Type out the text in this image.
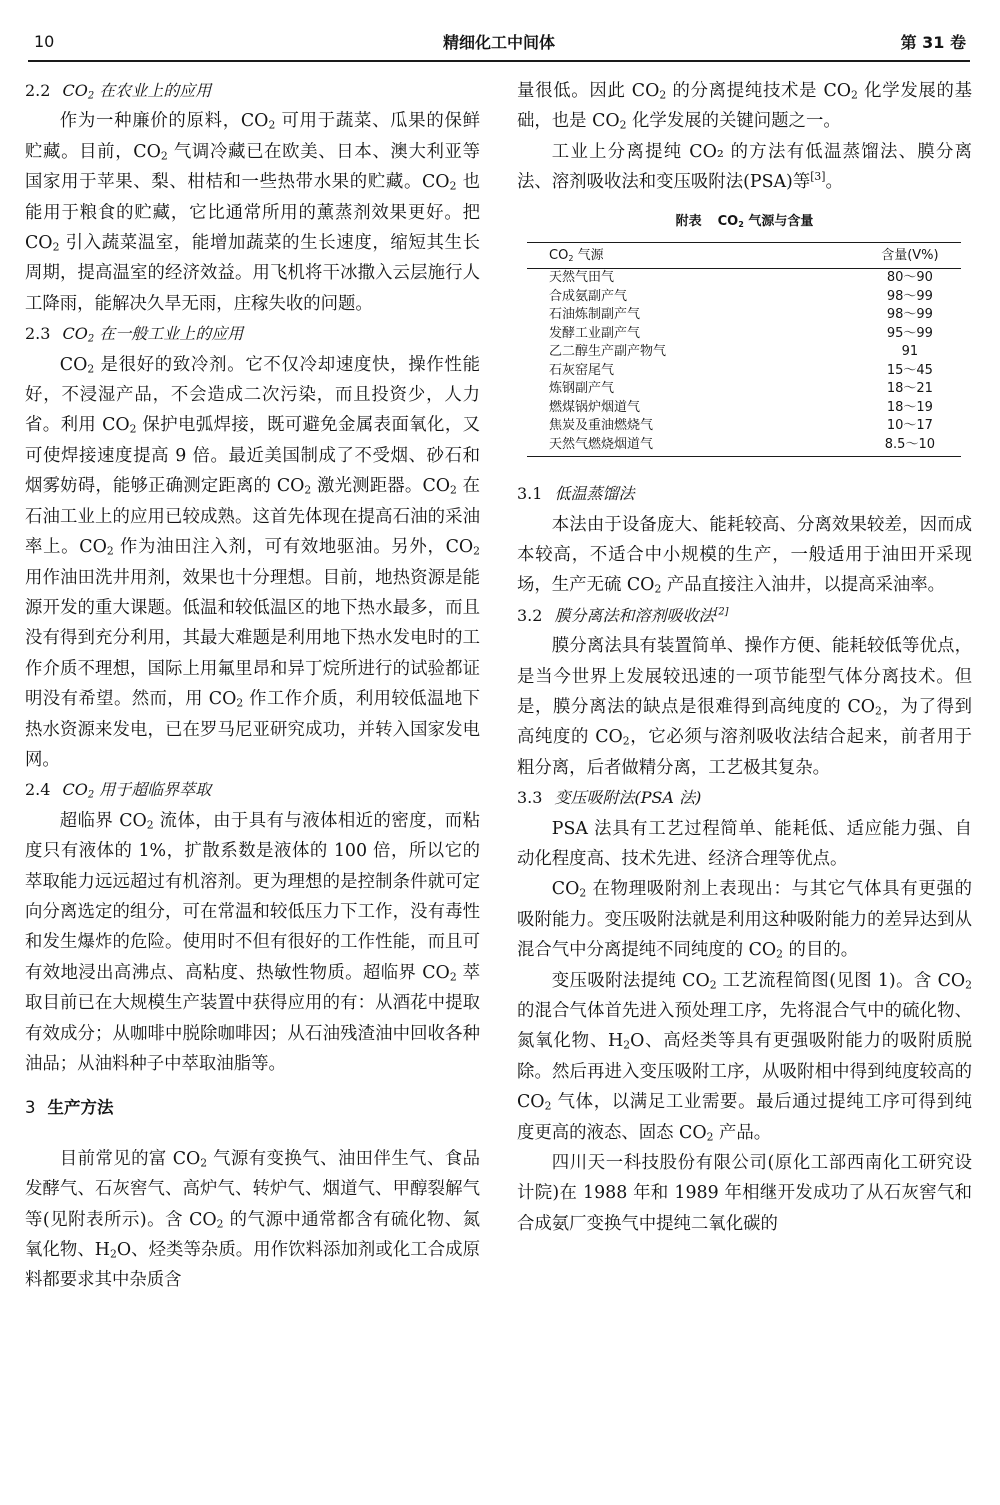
10	精细化工中间体	第 31 卷
2.2 $CO_2$ 在农业上的应用

作为一种廉价的原料，$CO_2$ 可用于蔬菜、瓜果的保鲜贮藏。目前，$CO_2$ 气调冷藏已在欧美、日本、澳大利亚等国家用于苹果、梨、柑桔和一些热带水果的贮藏。$CO_2$ 也能用于粮食的贮藏，它比通常所用的薰蒸剂效果更好。把 $CO_2$ 引入蔬菜温室，能增加蔬菜的生长速度，缩短其生长周期，提高温室的经济效益。用飞机将干冰撒入云层施行人工降雨，能解决久旱无雨，庄稼失收的问题。

2.3 $CO_2$ 在一般工业上的应用

$CO_2$ 是很好的致冷剂。它不仅冷却速度快，操作性能好，不浸湿产品，不会造成二次污染，而且投资少，人力省。利用 $CO_2$ 保护电弧焊接，既可避免金属表面氧化，又可使焊接速度提高 9 倍。最近美国制成了不受烟、砂石和烟雾妨碍，能够正确测定距离的 $CO_2$ 激光测距器。$CO_2$ 在石油工业上的应用已较成熟。这首先体现在提高石油的采油率上。$CO_2$ 作为油田注入剂，可有效地驱油。另外，$CO_2$ 用作油田洗井用剂，效果也十分理想。目前，地热资源是能源开发的重大课题。低温和较低温区的地下热水最多，而且没有得到充分利用，其最大难题是利用地下热水发电时的工作介质不理想，国际上用氟里昂和异丁烷所进行的试验都证明没有希望。然而，用 $CO_2$ 作工作介质，利用较低温地下热水资源来发电，已在罗马尼亚研究成功，并转入国家发电网。

2.4 $CO_2$ 用于超临界萃取

超临界 $CO_2$ 流体，由于具有与液体相近的密度，而粘度只有液体的 1%，扩散系数是液体的 100 倍，所以它的萃取能力远远超过有机溶剂。更为理想的是控制条件就可定向分离选定的组分，可在常温和较低压力下工作，没有毒性和发生爆炸的危险。使用时不但有很好的工作性能，而且可有效地浸出高沸点、高粘度、热敏性物质。超临界 $CO_2$ 萃取目前已在大规模生产装置中获得应用的有：从酒花中提取有效成分；从咖啡中脱除咖啡因；从石油残渣油中回收各种油品；从油料种子中萃取油脂等。

3 生产方法

目前常见的富 $CO_2$ 气源有变换气、油田伴生气、食品发酵气、石灰窖气、高炉气、转炉气、烟道气、甲醇裂解气等(见附表所示)。含 $CO_2$ 的气源中通常都含有硫化物、氮氧化物、$H_2O$、烃类等杂质。用作饮料添加剂或化工合成原料都要求其中杂质含

量很低。因此 $CO_2$ 的分离提纯技术是 $CO_2$ 化学发展的基础，也是 $CO_2$ 化学发展的关键问题之一。

工业上分离提纯 CO₂ 的方法有低温蒸馏法、膜分离法、溶剂吸收法和变压吸附法(PSA)等[3]。

附表 $CO_2$ 气源与含量
$CO_2$ 气源	含量(V%)
天然气田气	80～90
合成氨副产气	98～99
石油炼制副产气	98～99
发酵工业副产气	95～99
乙二醇生产副产物气	91
石灰窑尾气	15～45
炼钢副产气	18～21
燃煤锅炉烟道气	18～19
焦炭及重油燃烧气	10～17
天然气燃烧烟道气	8.5～10
3.1 低温蒸馏法

本法由于设备庞大、能耗较高、分离效果较差，因而成本较高，不适合中小规模的生产，一般适用于油田开采现场，生产无硫 $CO_2$ 产品直接注入油井，以提高采油率。

3.2 膜分离法和溶剂吸收法[2]

膜分离法具有装置简单、操作方便、能耗较低等优点，是当今世界上发展较迅速的一项节能型气体分离技术。但是，膜分离法的缺点是很难得到高纯度的 $CO_2$，为了得到高纯度的 $CO_2$，它必须与溶剂吸收法结合起来，前者用于粗分离，后者做精分离，工艺极其复杂。

3.3 变压吸附法(PSA 法)

PSA 法具有工艺过程简单、能耗低、适应能力强、自动化程度高、技术先进、经济合理等优点。

$CO_2$ 在物理吸附剂上表现出：与其它气体具有更强的吸附能力。变压吸附法就是利用这种吸附能力的差异达到从混合气中分离提纯不同纯度的 $CO_2$ 的目的。

变压吸附法提纯 $CO_2$ 工艺流程简图(见图 1)。含 $CO_2$ 的混合气体首先进入预处理工序，先将混合气中的硫化物、氮氧化物、$H_2O$、高烃类等具有更强吸附能力的吸附质脱除。然后再进入变压吸附工序，从吸附相中得到纯度较高的 $CO_2$ 气体，以满足工业需要。最后通过提纯工序可得到纯度更高的液态、固态 $CO_2$ 产品。

四川天一科技股份有限公司(原化工部西南化工研究设计院)在 1988 年和 1989 年相继开发成功了从石灰窖气和合成氨厂变换气中提纯二氧化碳的
